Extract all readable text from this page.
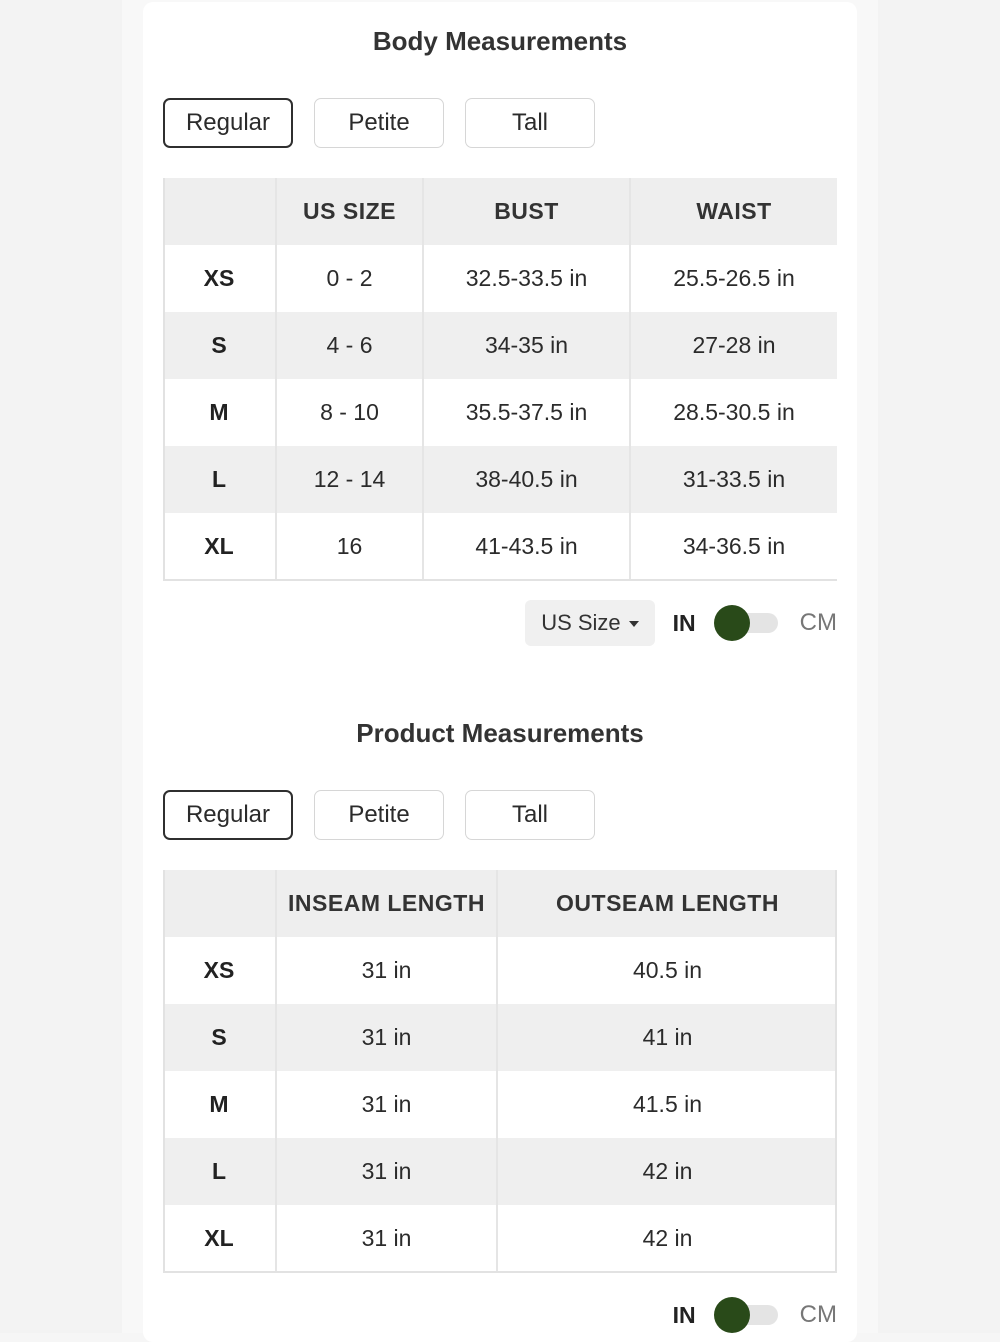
Body Measurements
Regular	Petite	Tall
	US SIZE	BUST	WAIST
XS	0 - 2	32.5-33.5 in	25.5-26.5 in
S	4 - 6	34-35 in	27-28 in
M	8 - 10	35.5-37.5 in	28.5-30.5 in
L	12 - 14	38-40.5 in	31-33.5 in
XL	16	41-43.5 in	34-36.5 in
US Size IN	CM
Product Measurements
Regular	Petite	Tall
	INSEAM LENGTH	OUTSEAM LENGTH
XS	31 in	40.5 in
S	31 in	41 in
M	31 in	41.5 in
L	31 in	42 in
XL	31 in	42 in
IN	CM
